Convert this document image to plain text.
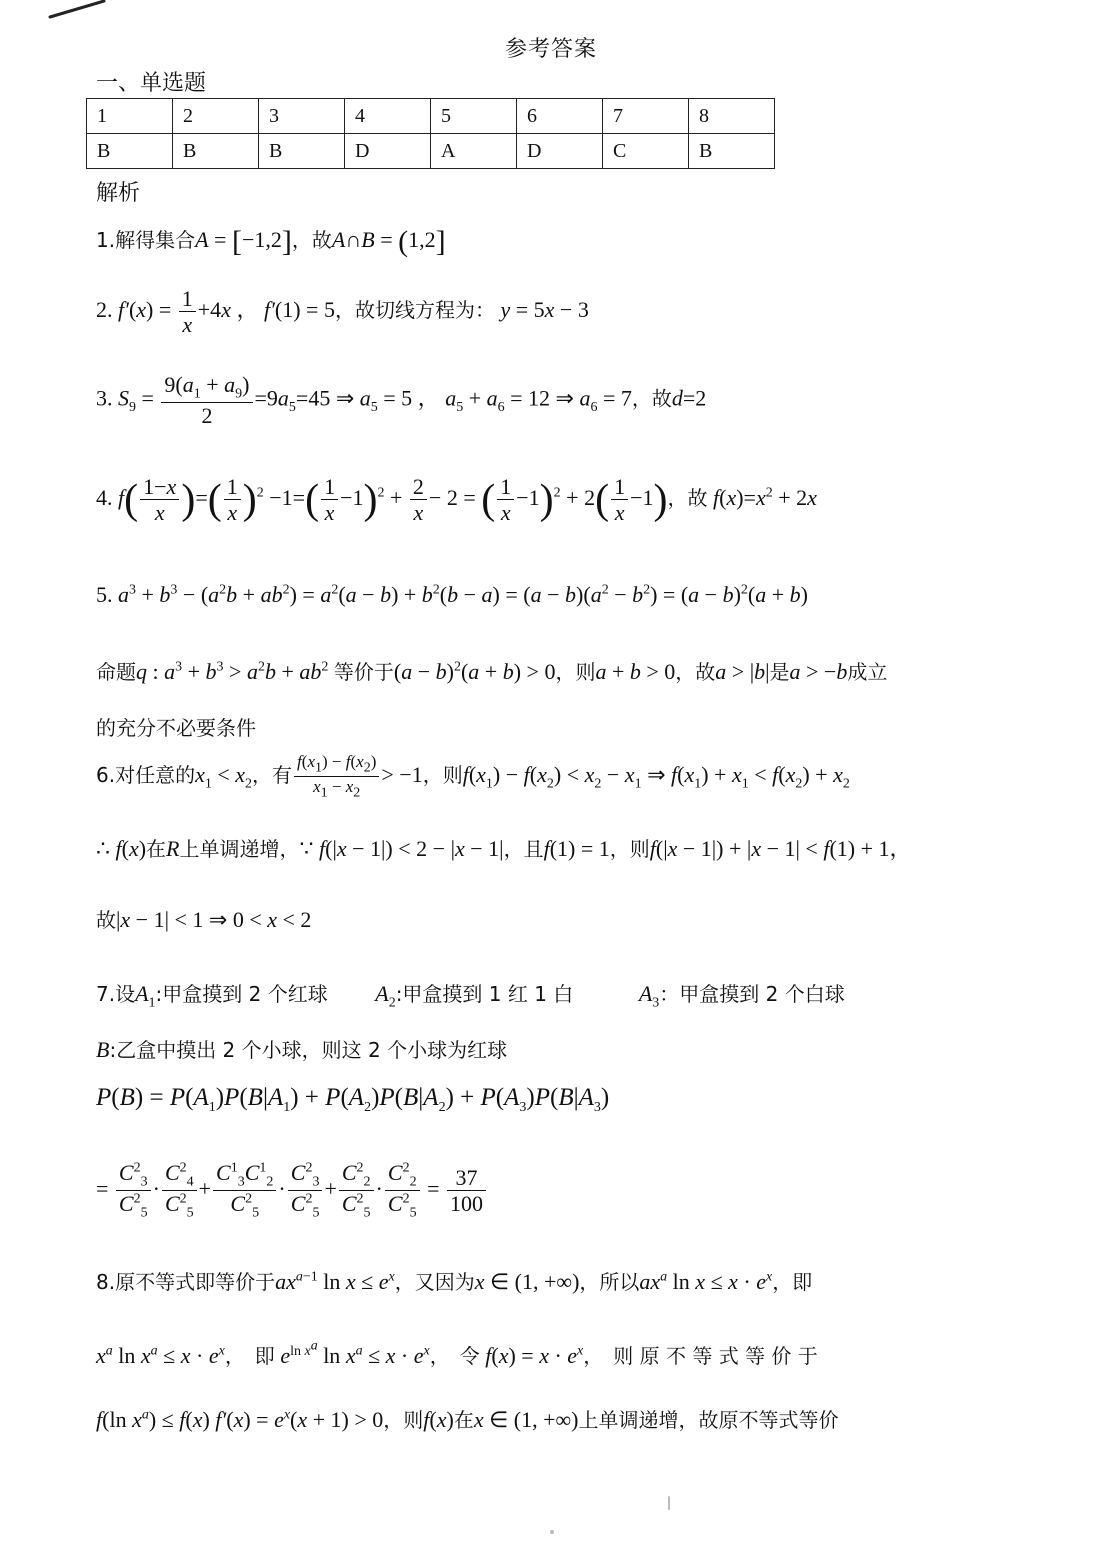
参考答案
一、单选题
1	2	3	4	5	6	7	8
B	B	B	D	A	D	C	B
解析
1.解得集合A = [−1,2]，故A∩B = (1,2]
2. $f'(x) = \frac{1}{x} +4x$ ， f′(1) = 5，故切线方程为： y = 5x − 3
3. $S_9 = \frac{9(a_1 + a_9)}{2} =9a_5=45$ ⇒ $a_5 = 5$ ， $a_5 + a_6 = 12$ ⇒ $a_6 = 7$，故d=2
4. $f( \frac{1-x}{x}$ )=( $\frac{1}{x} )^2 -1=( \frac{1}{x} -1)^2 + \frac{2}{x} - 2$ = ( $\frac{1}{x} -1)^2 + 2( \frac{1}{x} -1)$，故 $f(x)=x^2 + 2x$
5. $a^3 + b^3 - (a^2b + ab^2) = a^2(a - b) + b^2(b - a) = (a - b)(a^2 - b^2) = (a - b)^2(a + b)$
命题q : $a^3 + b^3 > a^2b + ab^2$ 等价于$(a - b)^2(a + b) > 0$，则a + b > 0，故a > |b|是a > −b成立
的充分不必要条件
6.对任意的$x_1 < x_2$，有 $\frac{f(x_1) - f(x_2)}{x_1 - x_2} > -1$，则$f(x_1) - f(x_2) < x_2 - x_1$ ⇒ $f(x_1) + x_1 < f(x_2) + x_2$
∴ f(x)在R上单调递增，∵ f(|x − 1|) < 2 − |x − 1|，且f(1) = 1，则f(|x − 1|) + |x − 1| < f(1) + 1，
故|x − 1| < 1 ⇒ 0 < x < 2
7.设$A_1$:甲盒摸到 2 个红球 $A_2$:甲盒摸到 1 红 1 白	$A_3$：甲盒摸到 2 个白球
B:乙盒中摸出 2 个小球，则这 2 个小球为红球
$P(B) = P(A_1)P(B|A_1) + P(A_2)P(B|A_2) + P(A_3)P(B|A_3)$
= $\frac{C^2_3}{C^2_5} \cdot \frac{C^2_4}{C^2_5} + \frac{C^1_3C^1_2}{C^2_5} \cdot \frac{C^2_3}{C^2_5} + \frac{C^2_2}{C^2_5} \cdot \frac{C^2_2}{C^2_5} = \frac{37}{100}$
8.原不等式即等价于$ax^{a-1}$ $\ln x \le e^x$，又因为x ∈ (1, +∞)，所以$ax^a$ $\ln x \le x \cdot e^x$，即
$x^a$ $\ln x^a \le x \cdot e^x$，　即 $e^{ln x^a}$ $\ln x^a \le x \cdot e^x$，　令 $f(x) = x \cdot e^x$，　则 原 不 等 式 等 价 于
f(ln $x^a) \le f(x)$ $f'(x) = e^x(x + 1) > 0$，则f(x)在x ∈ (1, +∞)上单调递增，故原不等式等价
